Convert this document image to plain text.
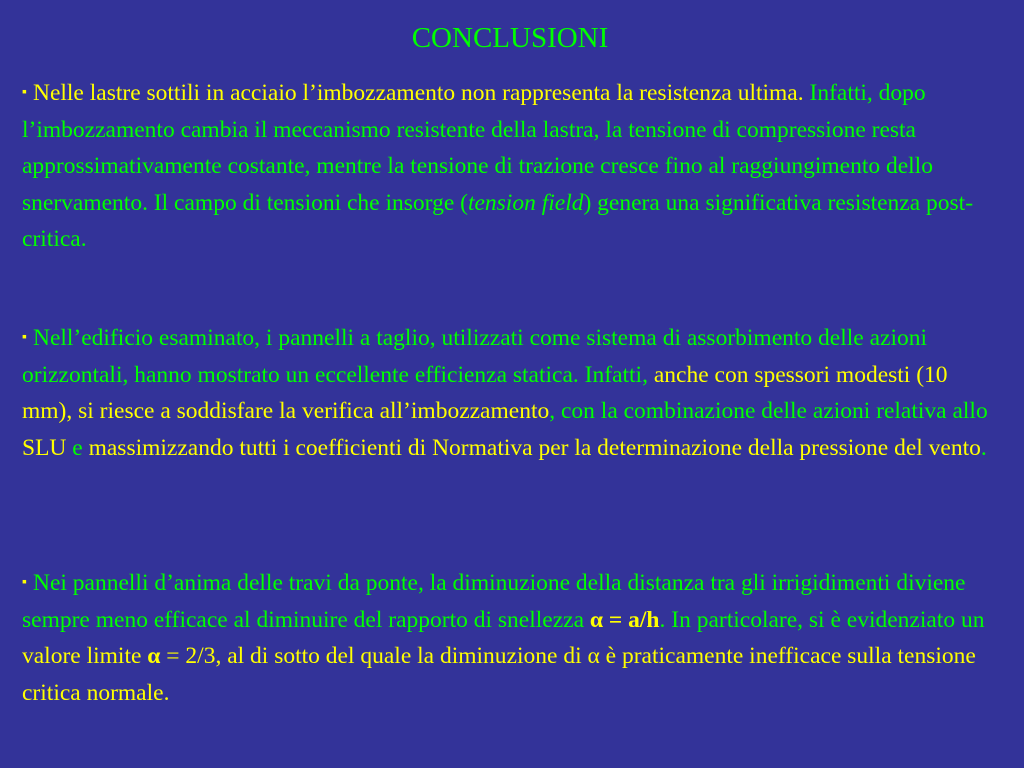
CONCLUSIONI
▪ Nelle lastre sottili in acciaio l’imbozzamento non rappresenta la resistenza ultima. Infatti, dopo l’imbozzamento cambia il meccanismo resistente della lastra, la tensione di compressione resta approssimativamente costante, mentre la tensione di trazione cresce fino al raggiungimento dello snervamento. Il campo di tensioni che insorge (tension field) genera una significativa resistenza post-critica.
▪ Nell’edificio esaminato, i pannelli a taglio, utilizzati come sistema di assorbimento delle azioni orizzontali, hanno mostrato un eccellente efficienza statica. Infatti, anche con spessori modesti (10 mm), si riesce a soddisfare la verifica all’imbozzamento, con la combinazione delle azioni relativa allo SLU e massimizzando tutti i coefficienti di Normativa per la determinazione della pressione del vento.
▪ Nei pannelli d’anima delle travi da ponte, la diminuzione della distanza tra gli irrigidimenti diviene sempre meno efficace al diminuire del rapporto di snellezza α = a/h. In particolare, si è evidenziato un valore limite α = 2/3, al di sotto del quale la diminuzione di α è praticamente inefficace sulla tensione critica normale.
